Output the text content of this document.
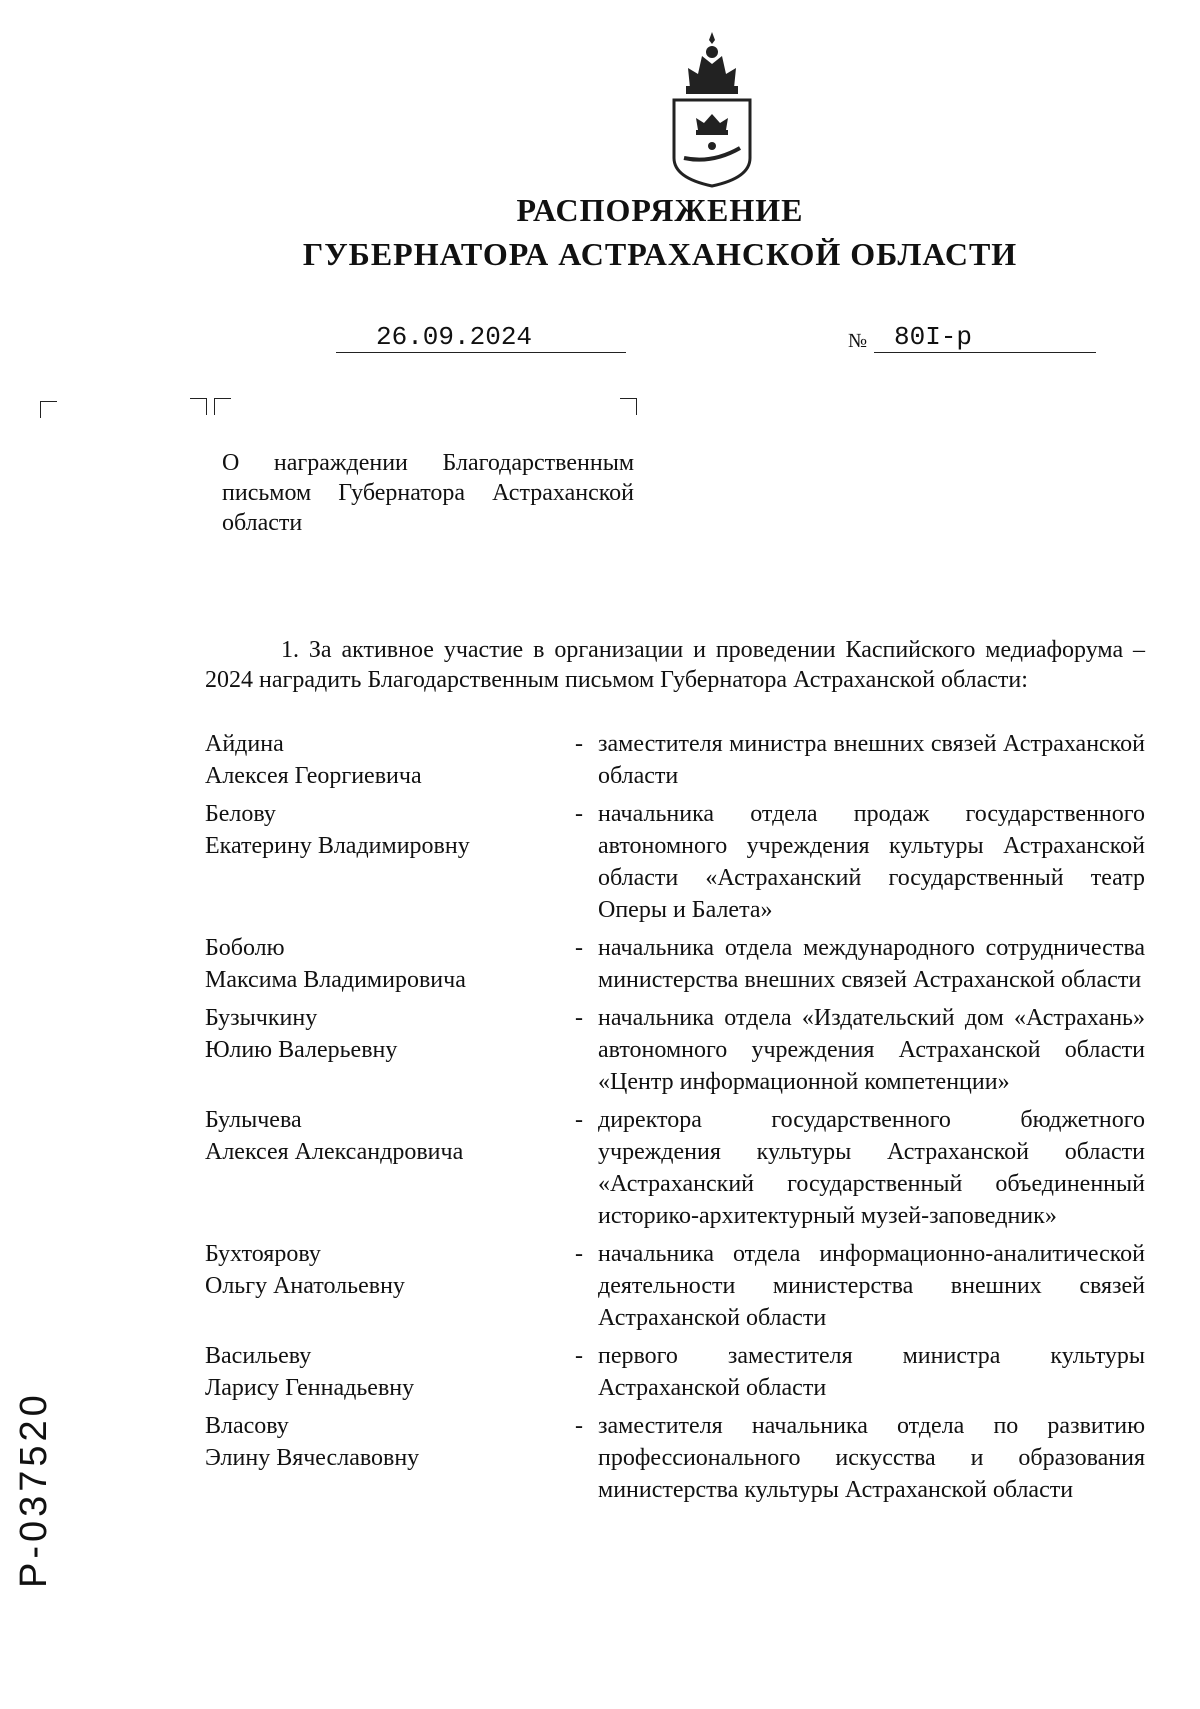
РАСПОРЯЖЕНИЕ
ГУБЕРНАТОРА АСТРАХАНСКОЙ ОБЛАСТИ
26.09.2024	№ 80I-р
О награждении Благодарственным письмом Губернатора Астраханской области
1. За активное участие в организации и проведении Каспийского медиафорума – 2024 наградить Благодарственным письмом Губернатора Астраханской области:
Айдина
Алексея Георгиевича
- заместителя министра внешних связей Астраханской области
Белову
Екатерину Владимировну
- начальника отдела продаж государственного автономного учреждения культуры Астраханской области «Астраханский государственный театр Оперы и Балета»
Боболю
Максима Владимировича
- начальника отдела международного сотрудничества министерства внешних связей Астраханской области
Бузычкину
Юлию Валерьевну
- начальника отдела «Издательский дом «Астрахань» автономного учреждения Астраханской области «Центр информационной компетенции»
Булычева
Алексея Александровича
- директора государственного бюджетного учреждения культуры Астраханской области «Астраханский государственный объединенный историко-архитектурный музей-заповедник»
Бухтоярову
Ольгу Анатольевну
- начальника отдела информационно-аналитической деятельности министерства внешних связей Астраханской области
Васильеву
Ларису Геннадьевну
- первого заместителя министра культуры Астраханской области
Власову
Элину Вячеславовну
- заместителя начальника отдела по развитию профессионального искусства и образования министерства культуры Астраханской области
Р-037520
